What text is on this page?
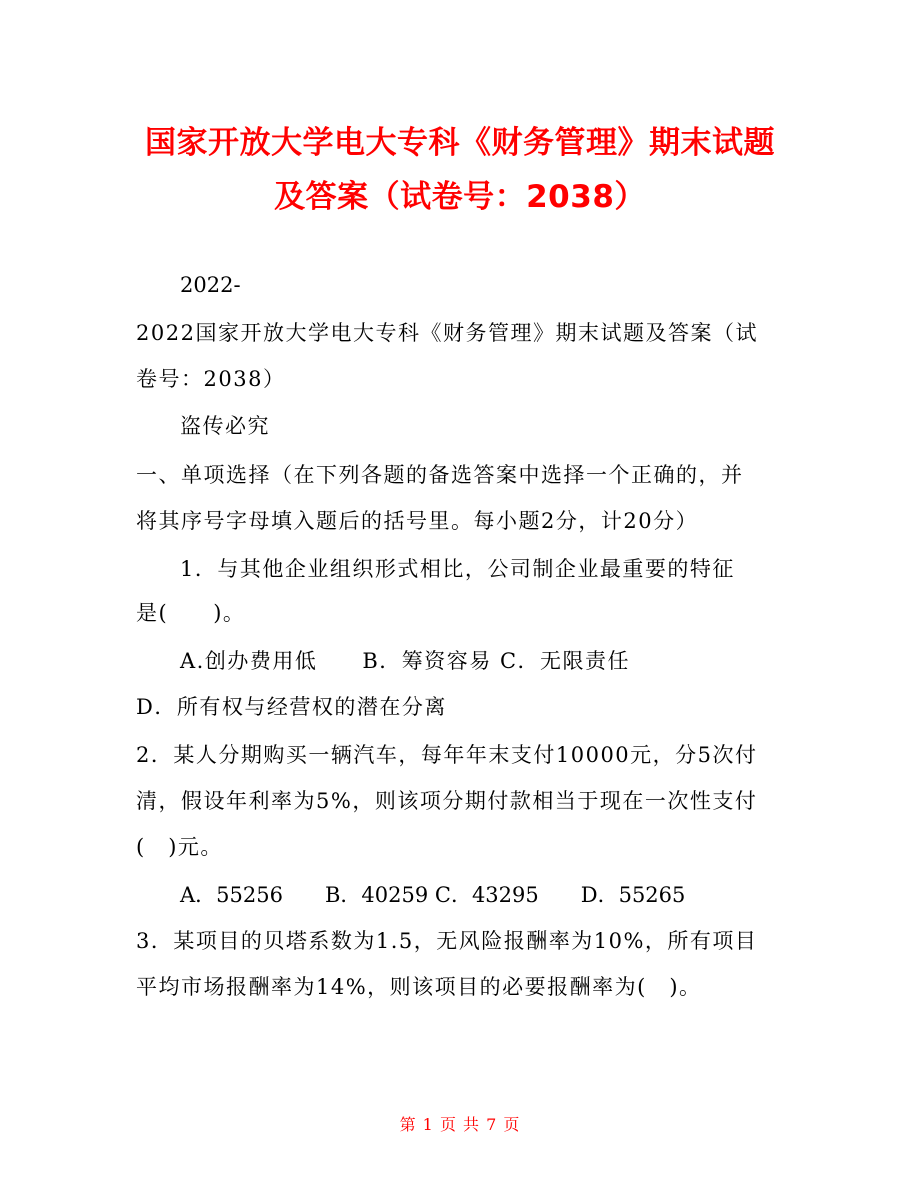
国家开放大学电大专科《财务管理》期末试题
及答案（试卷号：2038）
2022-
2022国家开放大学电大专科《财务管理》期末试题及答案（试
卷号：2038）
盗传必究
一、单项选择（在下列各题的备选答案中选择一个正确的，并
将其序号字母填入题后的括号里。每小题2分，计20分）
1．与其他企业组织形式相比，公司制企业最重要的特征
是(　　)。
A.创办费用低　　B．筹资容易 C．无限责任
D．所有权与经营权的潜在分离
2．某人分期购买一辆汽车，每年年末支付10000元，分5次付
清，假设年利率为5%，则该项分期付款相当于现在一次性支付
(　)元。
A．55256　　B．40259 C．43295　　D．55265
3．某项目的贝塔系数为1.5，无风险报酬率为10%，所有项目
平均市场报酬率为14%，则该项目的必要报酬率为(　)。
第 1 页 共 7 页
